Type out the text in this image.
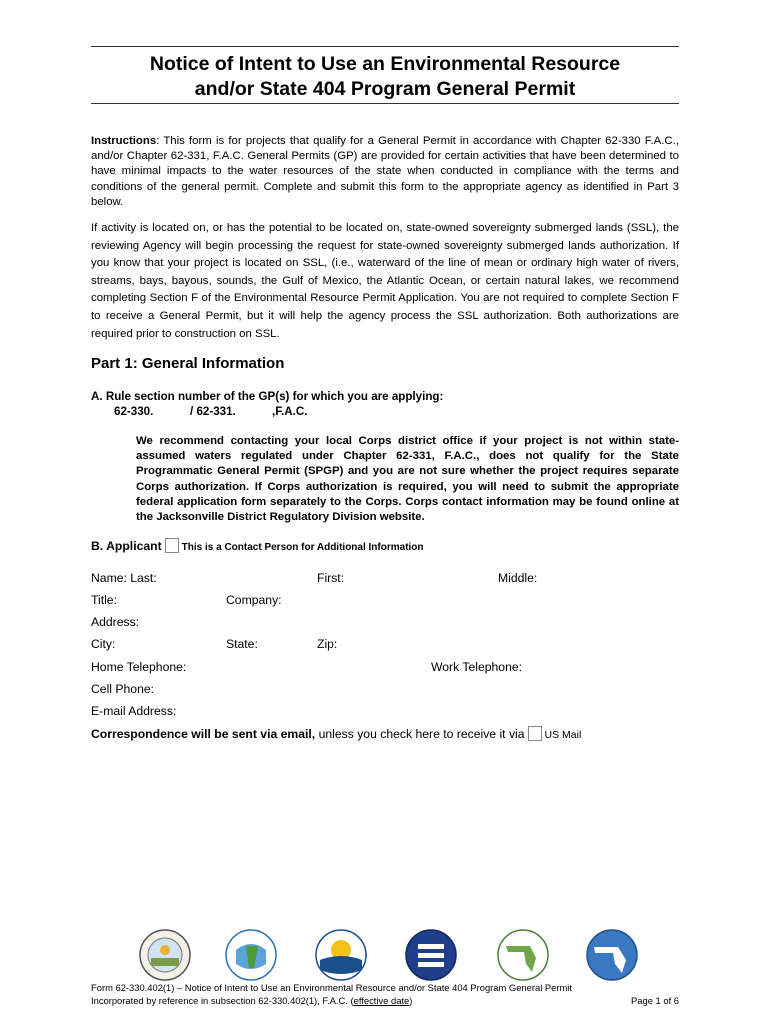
Notice of Intent to Use an Environmental Resource
and/or State 404 Program General Permit
Instructions: This form is for projects that qualify for a General Permit in accordance with Chapter 62-330 F.A.C., and/or Chapter 62-331, F.A.C. General Permits (GP) are provided for certain activities that have been determined to have minimal impacts to the water resources of the state when conducted in compliance with the terms and conditions of the general permit. Complete and submit this form to the appropriate agency as identified in Part 3 below.
If activity is located on, or has the potential to be located on, state-owned sovereignty submerged lands (SSL), the reviewing Agency will begin processing the request for state-owned sovereignty submerged lands authorization. If you know that your project is located on SSL, (i.e., waterward of the line of mean or ordinary high water of rivers, streams, bays, bayous, sounds, the Gulf of Mexico, the Atlantic Ocean, or certain natural lakes, we recommend completing Section F of the Environmental Resource Permit Application. You are not required to complete Section F to receive a General Permit, but it will help the agency process the SSL authorization. Both authorizations are required prior to construction on SSL.
Part 1: General Information
A. Rule section number of the GP(s) for which you are applying:
62-330.	/ 62-331.	,F.A.C.
We recommend contacting your local Corps district office if your project is not within state-assumed waters regulated under Chapter 62-331, F.A.C., does not qualify for the State Programmatic General Permit (SPGP) and you are not sure whether the project requires separate Corps authorization. If Corps authorization is required, you will need to submit the appropriate federal application form separately to the Corps. Corps contact information may be found online at the Jacksonville District Regulatory Division website.
B. Applicant This is a Contact Person for Additional Information
Name: Last:	First:	Middle:
Title:	Company:
Address:
City:	State:	Zip:
Home Telephone:	Work Telephone:
Cell Phone:
E-mail Address:
Correspondence will be sent via email, unless you check here to receive it via US Mail
Form 62-330.402(1) – Notice of Intent to Use an Environmental Resource and/or State 404 Program General Permit
Incorporated by reference in subsection 62-330.402(1), F.A.C. (effective date)	Page 1 of 6
